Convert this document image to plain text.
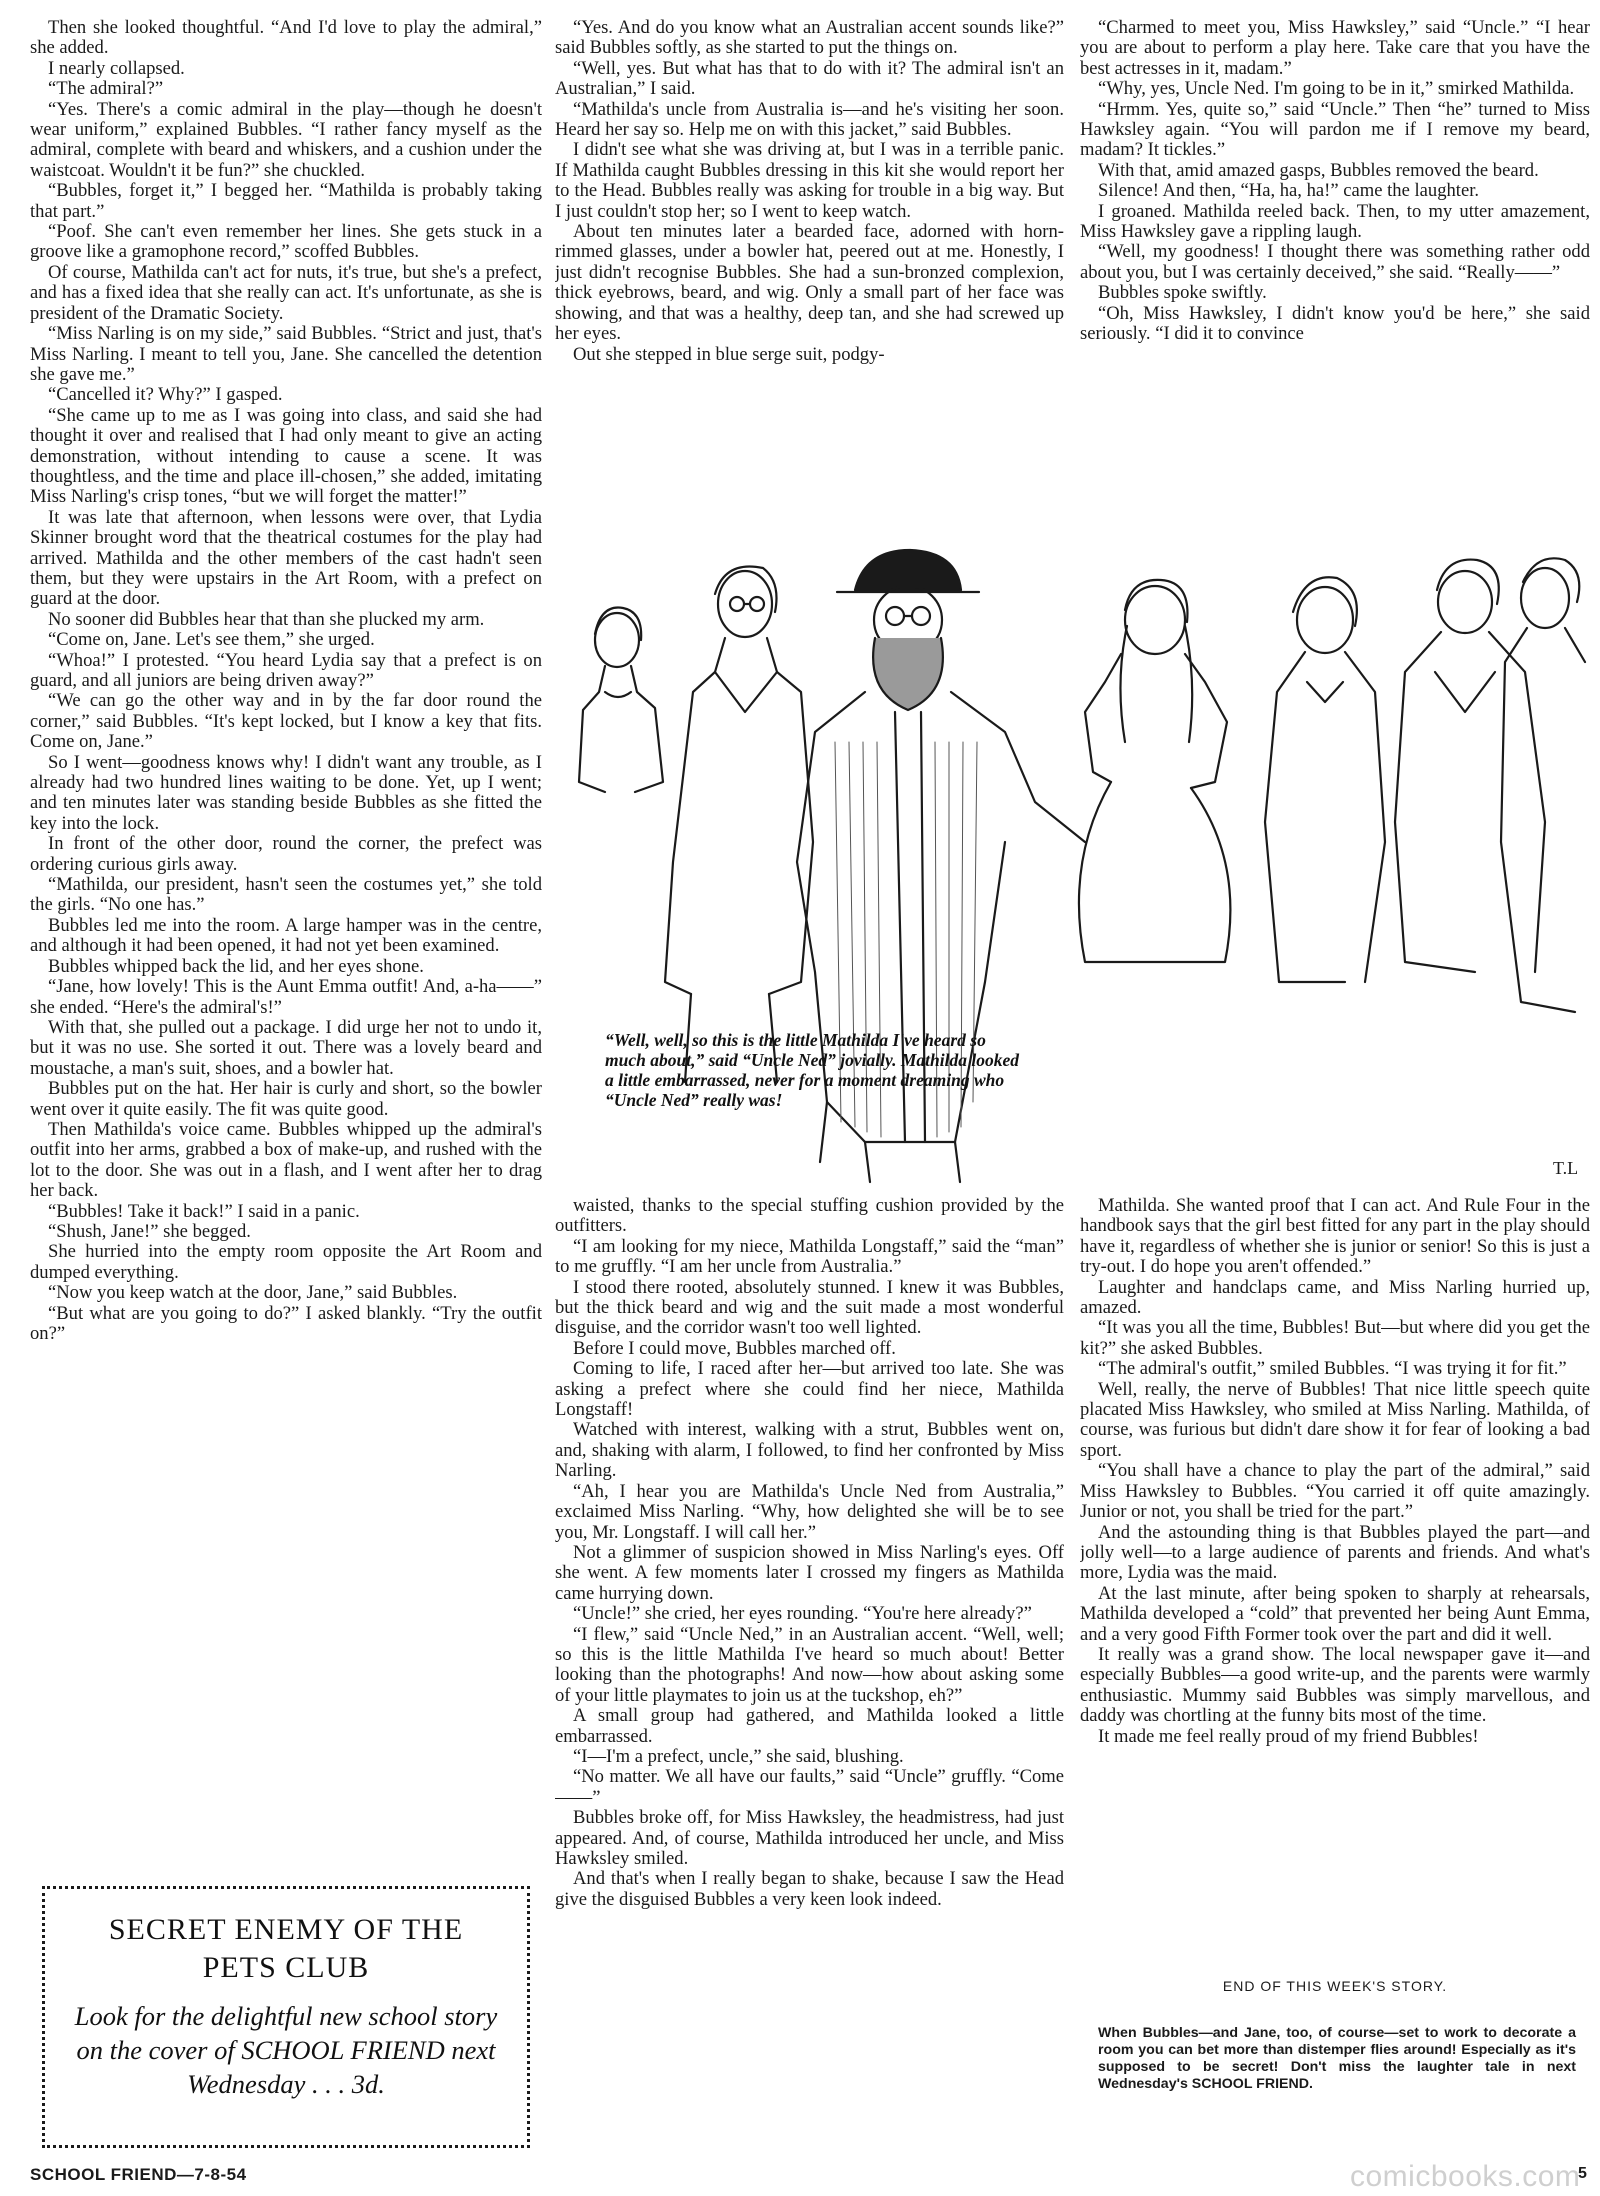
Then she looked thoughtful. “And I'd love to play the admiral,” she added.

I nearly collapsed.

“The admiral?”

“Yes. There's a comic admiral in the play—though he doesn't wear uniform,” explained Bubbles. “I rather fancy myself as the admiral, complete with beard and whiskers, and a cushion under the waistcoat. Wouldn't it be fun?” she chuckled.

“Bubbles, forget it,” I begged her. “Mathilda is probably taking that part.”

“Poof. She can't even remember her lines. She gets stuck in a groove like a gramophone record,” scoffed Bubbles.

Of course, Mathilda can't act for nuts, it's true, but she's a prefect, and has a fixed idea that she really can act. It's unfortunate, as she is president of the Dramatic Society.

“Miss Narling is on my side,” said Bubbles. “Strict and just, that's Miss Narling. I meant to tell you, Jane. She cancelled the detention she gave me.”

“Cancelled it? Why?” I gasped.

“She came up to me as I was going into class, and said she had thought it over and realised that I had only meant to give an acting demonstration, without intending to cause a scene. It was thoughtless, and the time and place ill-chosen,” she added, imitating Miss Narling's crisp tones, “but we will forget the matter!”

It was late that afternoon, when lessons were over, that Lydia Skinner brought word that the theatrical costumes for the play had arrived. Mathilda and the other members of the cast hadn't seen them, but they were upstairs in the Art Room, with a prefect on guard at the door.

No sooner did Bubbles hear that than she plucked my arm.

“Come on, Jane. Let's see them,” she urged.

“Whoa!” I protested. “You heard Lydia say that a prefect is on guard, and all juniors are being driven away?”

“We can go the other way and in by the far door round the corner,” said Bubbles. “It's kept locked, but I know a key that fits. Come on, Jane.”

So I went—goodness knows why! I didn't want any trouble, as I already had two hundred lines waiting to be done. Yet, up I went; and ten minutes later was standing beside Bubbles as she fitted the key into the lock.

In front of the other door, round the corner, the prefect was ordering curious girls away.

“Mathilda, our president, hasn't seen the costumes yet,” she told the girls. “No one has.”

Bubbles led me into the room. A large hamper was in the centre, and although it had been opened, it had not yet been examined.

Bubbles whipped back the lid, and her eyes shone.

“Jane, how lovely! This is the Aunt Emma outfit! And, a-ha——” she ended. “Here's the admiral's!”

With that, she pulled out a package. I did urge her not to undo it, but it was no use. She sorted it out. There was a lovely beard and moustache, a man's suit, shoes, and a bowler hat.

Bubbles put on the hat. Her hair is curly and short, so the bowler went over it quite easily. The fit was quite good.

Then Mathilda's voice came. Bubbles whipped up the admiral's outfit into her arms, grabbed a box of make-up, and rushed with the lot to the door. She was out in a flash, and I went after her to drag her back.

“Bubbles! Take it back!” I said in a panic.

“Shush, Jane!” she begged.

She hurried into the empty room opposite the Art Room and dumped everything.

“Now you keep watch at the door, Jane,” said Bubbles.

“But what are you going to do?” I asked blankly. “Try the outfit on?”

“Yes. And do you know what an Australian accent sounds like?” said Bubbles softly, as she started to put the things on.

“Well, yes. But what has that to do with it? The admiral isn't an Australian,” I said.

“Mathilda's uncle from Australia is—and he's visiting her soon. Heard her say so. Help me on with this jacket,” said Bubbles.

I didn't see what she was driving at, but I was in a terrible panic. If Mathilda caught Bubbles dressing in this kit she would report her to the Head. Bubbles really was asking for trouble in a big way. But I just couldn't stop her; so I went to keep watch.

About ten minutes later a bearded face, adorned with horn-rimmed glasses, under a bowler hat, peered out at me. Honestly, I just didn't recognise Bubbles. She had a sun-bronzed complexion, thick eyebrows, beard, and wig. Only a small part of her face was showing, and that was a healthy, deep tan, and she had screwed up her eyes.

Out she stepped in blue serge suit, podgy-

“Charmed to meet you, Miss Hawksley,” said “Uncle.” “I hear you are about to perform a play here. Take care that you have the best actresses in it, madam.”

“Why, yes, Uncle Ned. I'm going to be in it,” smirked Mathilda.

“Hrmm. Yes, quite so,” said “Uncle.” Then “he” turned to Miss Hawksley again. “You will pardon me if I remove my beard, madam? It tickles.”

With that, amid amazed gasps, Bubbles removed the beard.

Silence! And then, “Ha, ha, ha!” came the laughter.

I groaned. Mathilda reeled back. Then, to my utter amazement, Miss Hawksley gave a rippling laugh.

“Well, my goodness! I thought there was something rather odd about you, but I was certainly deceived,” she said. “Really——”

Bubbles spoke swiftly.

“Oh, Miss Hawksley, I didn't know you'd be here,” she said seriously. “I did it to convince

T.L
“Well, well, so this is the little Mathilda I've heard so much about,” said “Uncle Ned” jovially. Mathilda looked a little embarrassed, never for a moment dreaming who “Uncle Ned” really was!

waisted, thanks to the special stuffing cushion provided by the outfitters.

“I am looking for my niece, Mathilda Longstaff,” said the “man” to me gruffly. “I am her uncle from Australia.”

I stood there rooted, absolutely stunned. I knew it was Bubbles, but the thick beard and wig and the suit made a most wonderful disguise, and the corridor wasn't too well lighted.

Before I could move, Bubbles marched off.

Coming to life, I raced after her—but arrived too late. She was asking a prefect where she could find her niece, Mathilda Longstaff!

Watched with interest, walking with a strut, Bubbles went on, and, shaking with alarm, I followed, to find her confronted by Miss Narling.

“Ah, I hear you are Mathilda's Uncle Ned from Australia,” exclaimed Miss Narling. “Why, how delighted she will be to see you, Mr. Longstaff. I will call her.”

Not a glimmer of suspicion showed in Miss Narling's eyes. Off she went. A few moments later I crossed my fingers as Mathilda came hurrying down.

“Uncle!” she cried, her eyes rounding. “You're here already?”

“I flew,” said “Uncle Ned,” in an Australian accent. “Well, well; so this is the little Mathilda I've heard so much about! Better looking than the photographs! And now—how about asking some of your little playmates to join us at the tuckshop, eh?”

A small group had gathered, and Mathilda looked a little embarrassed.

“I—I'm a prefect, uncle,” she said, blushing.

“No matter. We all have our faults,” said “Uncle” gruffly. “Come——”

Bubbles broke off, for Miss Hawksley, the headmistress, had just appeared. And, of course, Mathilda introduced her uncle, and Miss Hawksley smiled.

And that's when I really began to shake, because I saw the Head give the disguised Bubbles a very keen look indeed.

Mathilda. She wanted proof that I can act. And Rule Four in the handbook says that the girl best fitted for any part in the play should have it, regardless of whether she is junior or senior! So this is just a try-out. I do hope you aren't offended.”

Laughter and handclaps came, and Miss Narling hurried up, amazed.

“It was you all the time, Bubbles! But—but where did you get the kit?” she asked Bubbles.

“The admiral's outfit,” smiled Bubbles. “I was trying it for fit.”

Well, really, the nerve of Bubbles! That nice little speech quite placated Miss Hawksley, who smiled at Miss Narling. Mathilda, of course, was furious but didn't dare show it for fear of looking a bad sport.

“You shall have a chance to play the part of the admiral,” said Miss Hawksley to Bubbles. “You carried it off quite amazingly. Junior or not, you shall be tried for the part.”

And the astounding thing is that Bubbles played the part—and jolly well—to a large audience of parents and friends. And what's more, Lydia was the maid.

At the last minute, after being spoken to sharply at rehearsals, Mathilda developed a “cold” that prevented her being Aunt Emma, and a very good Fifth Former took over the part and did it well.

It really was a grand show. The local newspaper gave it—and especially Bubbles—a good write-up, and the parents were warmly enthusiastic. Mummy said Bubbles was simply marvellous, and daddy was chortling at the funny bits most of the time.

It made me feel really proud of my friend Bubbles!

END OF THIS WEEK'S STORY.
When Bubbles—and Jane, too, of course—set to work to decorate a room you can bet more than distemper flies around! Especially as it's supposed to be secret! Don't miss the laughter tale in next Wednesday's SCHOOL FRIEND.
SECRET ENEMY OF THE
PETS CLUB
Look for the delightful new school story on the cover of SCHOOL FRIEND next Wednesday . . . 3d.
SCHOOL FRIEND—7-8-54	comicbooks.com
5
